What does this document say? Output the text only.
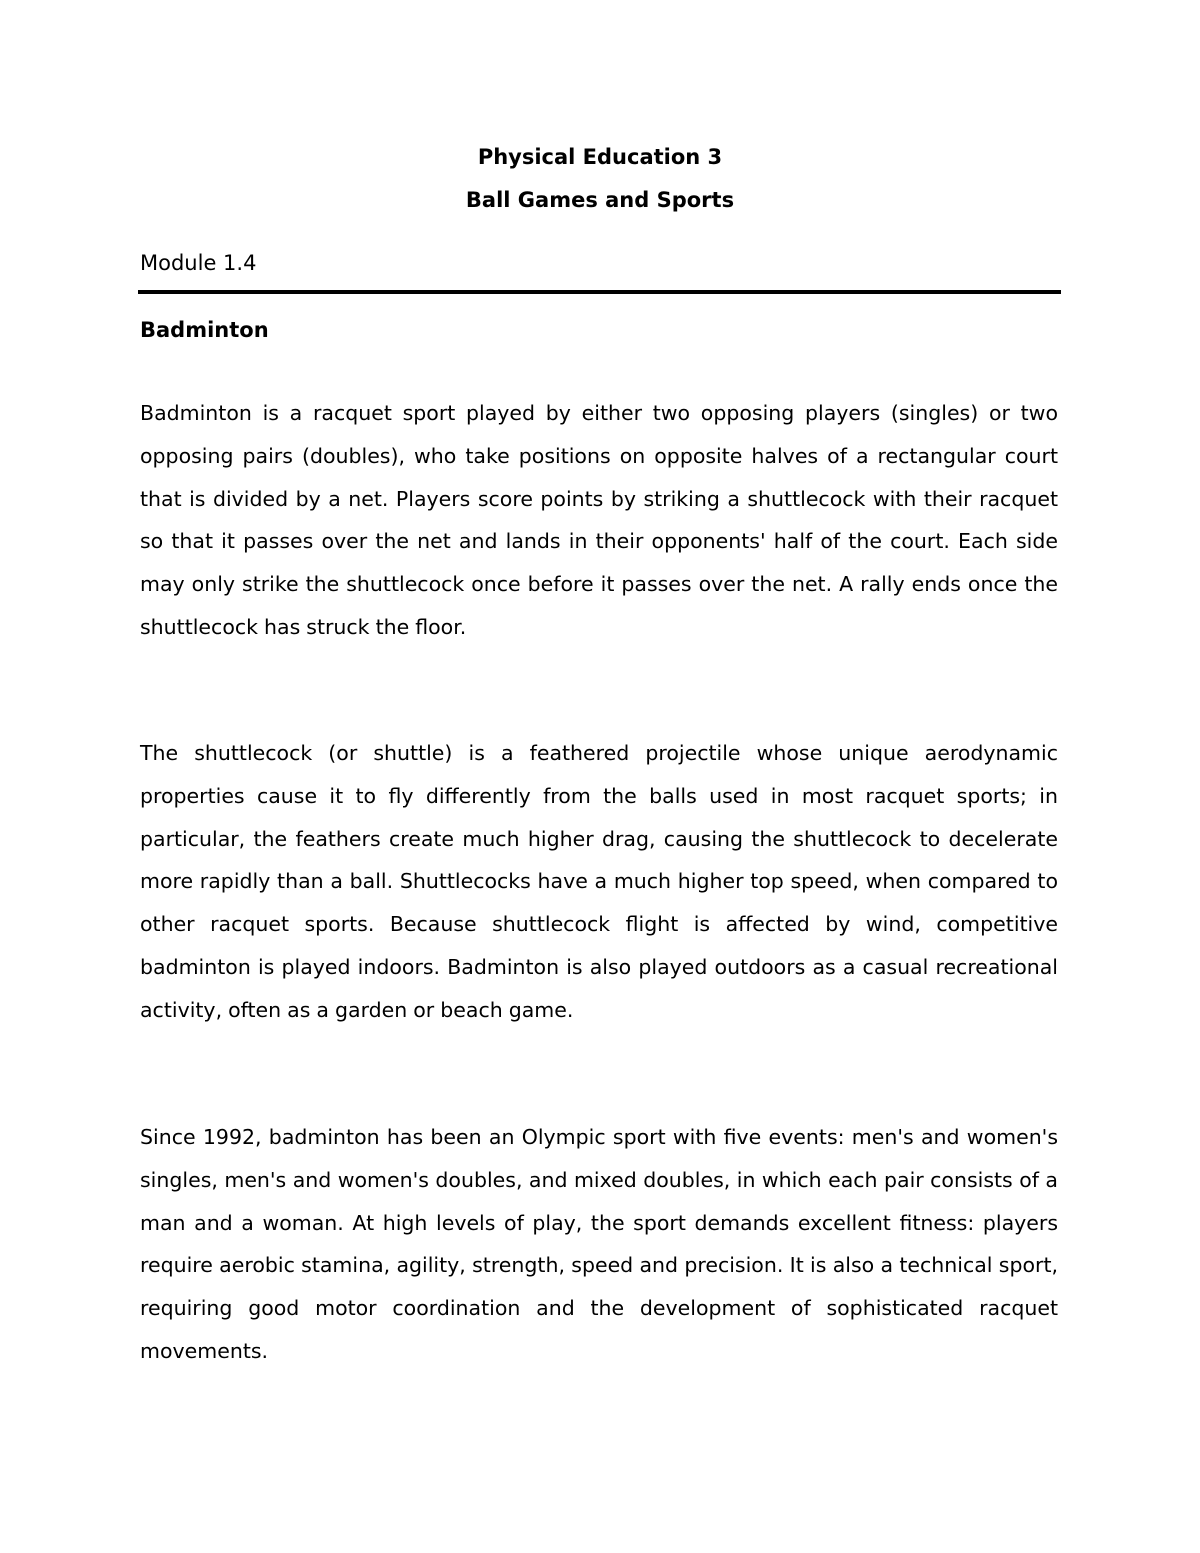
Physical Education 3
Ball Games and Sports

Module 1.4

Badminton

Badminton is a racquet sport played by either two opposing players (singles) or two opposing pairs (doubles), who take positions on opposite halves of a rectangular court that is divided by a net. Players score points by striking a shuttlecock with their racquet so that it passes over the net and lands in their opponents' half of the court. Each side may only strike the shuttlecock once before it passes over the net. A rally ends once the shuttlecock has struck the floor.

The shuttlecock (or shuttle) is a feathered projectile whose unique aerodynamic properties cause it to fly differently from the balls used in most racquet sports; in particular, the feathers create much higher drag, causing the shuttlecock to decelerate more rapidly than a ball. Shuttlecocks have a much higher top speed, when compared to other racquet sports. Because shuttlecock flight is affected by wind, competitive badminton is played indoors. Badminton is also played outdoors as a casual recreational activity, often as a garden or beach game.

Since 1992, badminton has been an Olympic sport with five events: men's and women's singles, men's and women's doubles, and mixed doubles, in which each pair consists of a man and a woman. At high levels of play, the sport demands excellent fitness: players require aerobic stamina, agility, strength, speed and precision. It is also a technical sport, requiring good motor coordination and the development of sophisticated racquet movements.
